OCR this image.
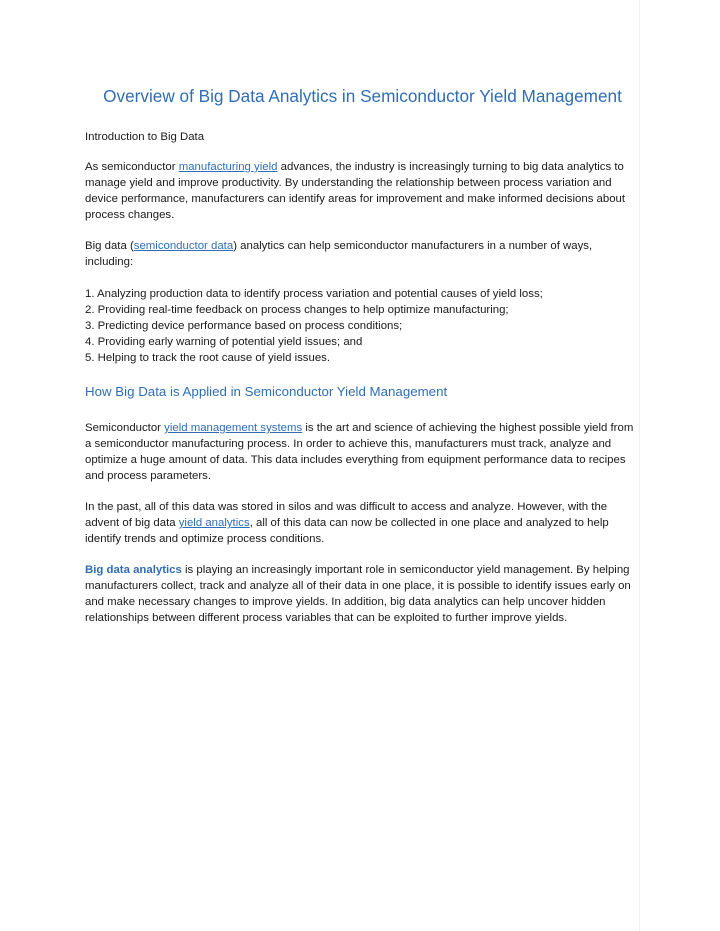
Overview of Big Data Analytics in Semiconductor Yield Management

Introduction to Big Data

As semiconductor manufacturing yield advances, the industry is increasingly turning to big data analytics to manage yield and improve productivity. By understanding the relationship between process variation and device performance, manufacturers can identify areas for improvement and make informed decisions about process changes.

Big data (semiconductor data) analytics can help semiconductor manufacturers in a number of ways, including:

1. Analyzing production data to identify process variation and potential causes of yield loss;
2. Providing real-time feedback on process changes to help optimize manufacturing;
3. Predicting device performance based on process conditions;
4. Providing early warning of potential yield issues; and
5. Helping to track the root cause of yield issues.
How Big Data is Applied in Semiconductor Yield Management

Semiconductor yield management systems is the art and science of achieving the highest possible yield from a semiconductor manufacturing process. In order to achieve this, manufacturers must track, analyze and optimize a huge amount of data. This data includes everything from equipment performance data to recipes and process parameters.

In the past, all of this data was stored in silos and was difficult to access and analyze. However, with the advent of big data yield analytics, all of this data can now be collected in one place and analyzed to help identify trends and optimize process conditions.

Big data analytics is playing an increasingly important role in semiconductor yield management. By helping manufacturers collect, track and analyze all of their data in one place, it is possible to identify issues early on and make necessary changes to improve yields. In addition, big data analytics can help uncover hidden relationships between different process variables that can be exploited to further improve yields.
